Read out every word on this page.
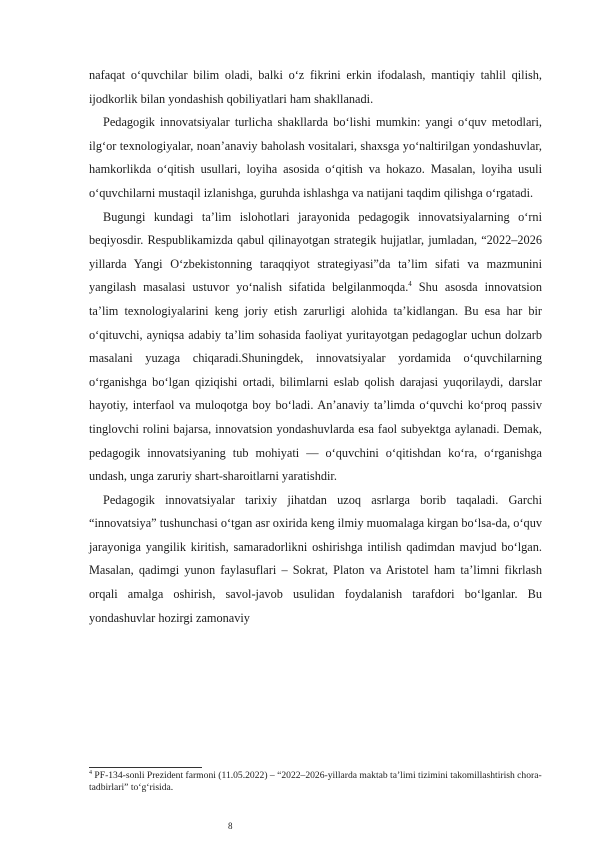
nafaqat o‘quvchilar bilim oladi, balki o‘z fikrini erkin ifodalash, mantiqiy tahlil qilish, ijodkorlik bilan yondashish qobiliyatlari ham shakllanadi.

Pedagogik innovatsiyalar turlicha shakllarda bo‘lishi mumkin: yangi o‘quv metodlari, ilg‘or texnologiyalar, noan’anaviy baholash vositalari, shaxsga yo‘naltirilgan yondashuvlar, hamkorlikda o‘qitish usullari, loyiha asosida o‘qitish va hokazo. Masalan, loyiha usuli o‘quvchilarni mustaqil izlanishga, guruhda ishlashga va natijani taqdim qilishga o‘rgatadi.

Bugungi kundagi ta’lim islohotlari jarayonida pedagogik innovatsiyalarning o‘rni beqiyosdir. Respublikamizda qabul qilinayotgan strategik hujjatlar, jumladan, “2022–2026 yillarda Yangi O‘zbekistonning taraqqiyot strategiyasi”da ta’lim sifati va mazmunini yangilash masalasi ustuvor yo‘nalish sifatida belgilanmoqda.$^4$ Shu asosda innovatsion ta’lim texnologiyalarini keng joriy etish zarurligi alohida ta’kidlangan. Bu esa har bir o‘qituvchi, ayniqsa adabiy ta’lim sohasida faoliyat yuritayotgan pedagoglar uchun dolzarb masalani yuzaga chiqaradi.Shuningdek, innovatsiyalar yordamida o‘quvchilarning o‘rganishga bo‘lgan qiziqishi ortadi, bilimlarni eslab qolish darajasi yuqorilaydi, darslar hayotiy, interfaol va muloqotga boy bo‘ladi. An’anaviy ta’limda o‘quvchi ko‘proq passiv tinglovchi rolini bajarsa, innovatsion yondashuvlarda esa faol subyektga aylanadi. Demak, pedagogik innovatsiyaning tub mohiyati — o‘quvchini o‘qitishdan ko‘ra, o‘rganishga undash, unga zaruriy shart-sharoitlarni yaratishdir.

Pedagogik innovatsiyalar tarixiy jihatdan uzoq asrlarga borib taqaladi. Garchi “innovatsiya” tushunchasi o‘tgan asr oxirida keng ilmiy muomalaga kirgan bo‘lsa-da, o‘quv jarayoniga yangilik kiritish, samaradorlikni oshirishga intilish qadimdan mavjud bo‘lgan. Masalan, qadimgi yunon faylasuflari – Sokrat, Platon va Aristotel ham ta’limni fikrlash orqali amalga oshirish, savol-javob usulidan foydalanish tarafdori bo‘lganlar. Bu yondashuvlar hozirgi zamonaviy

$^4$ PF-134-sonli Prezident farmoni (11.05.2022) – “2022–2026-yillarda maktab ta’limi tizimini takomillashtirish chora-tadbirlari” to‘g‘risida.
8
